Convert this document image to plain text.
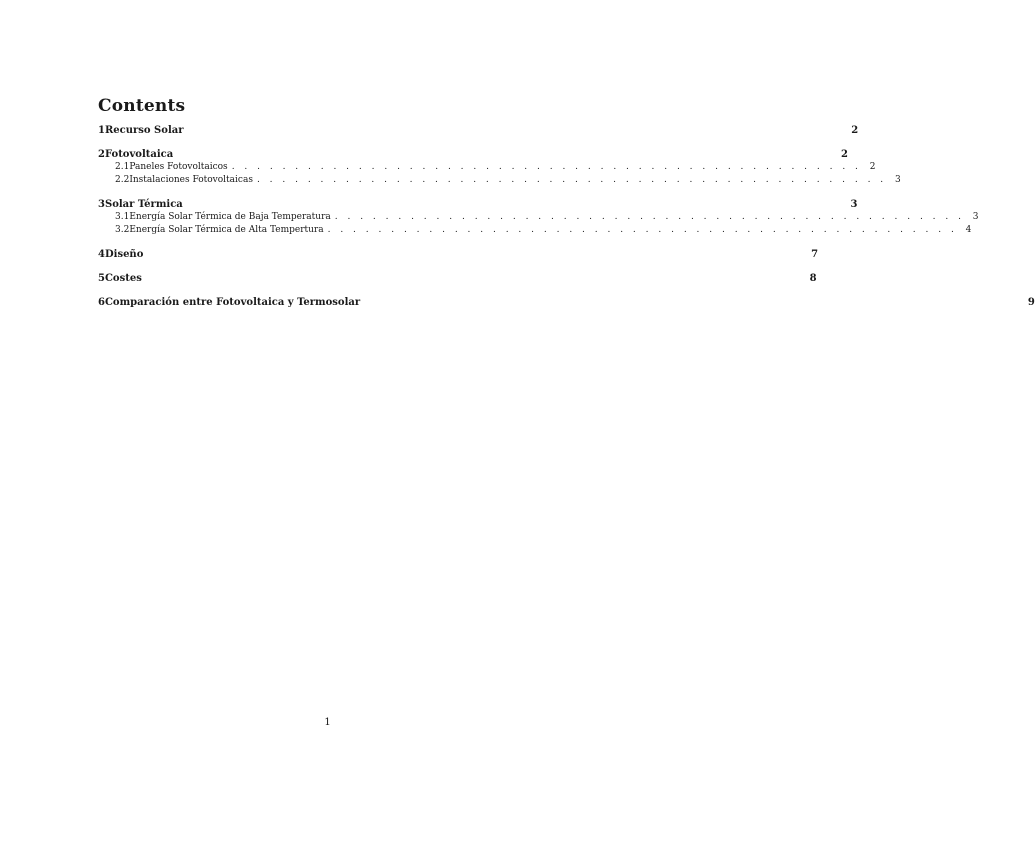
Contents
1 Recurso Solar	2
2 Fotovoltaica	2
2.1 Paneles Fotovoltaicos . . . . . . . . . . . . . . . . . . . . . . . . . . . . . . . . . . . . . . . . . . . . . . . . . . 2
2.2 Instalaciones Fotovoltaicas . . . . . . . . . . . . . . . . . . . . . . . . . . . . . . . . . . . . . . . . . . . . . . . . . . 3
3 Solar Térmica	3
3.1 Energía Solar Térmica de Baja Temperatura . . . . . . . . . . . . . . . . . . . . . . . . . . . . . . . . . . . . . . . . . . . . . . . . . . 3
3.2 Energía Solar Térmica de Alta Tempertura . . . . . . . . . . . . . . . . . . . . . . . . . . . . . . . . . . . . . . . . . . . . . . . . . . 4
4 Diseño	7
5 Costes	8
6 Comparación entre Fotovoltaica y Termosolar	9
1
